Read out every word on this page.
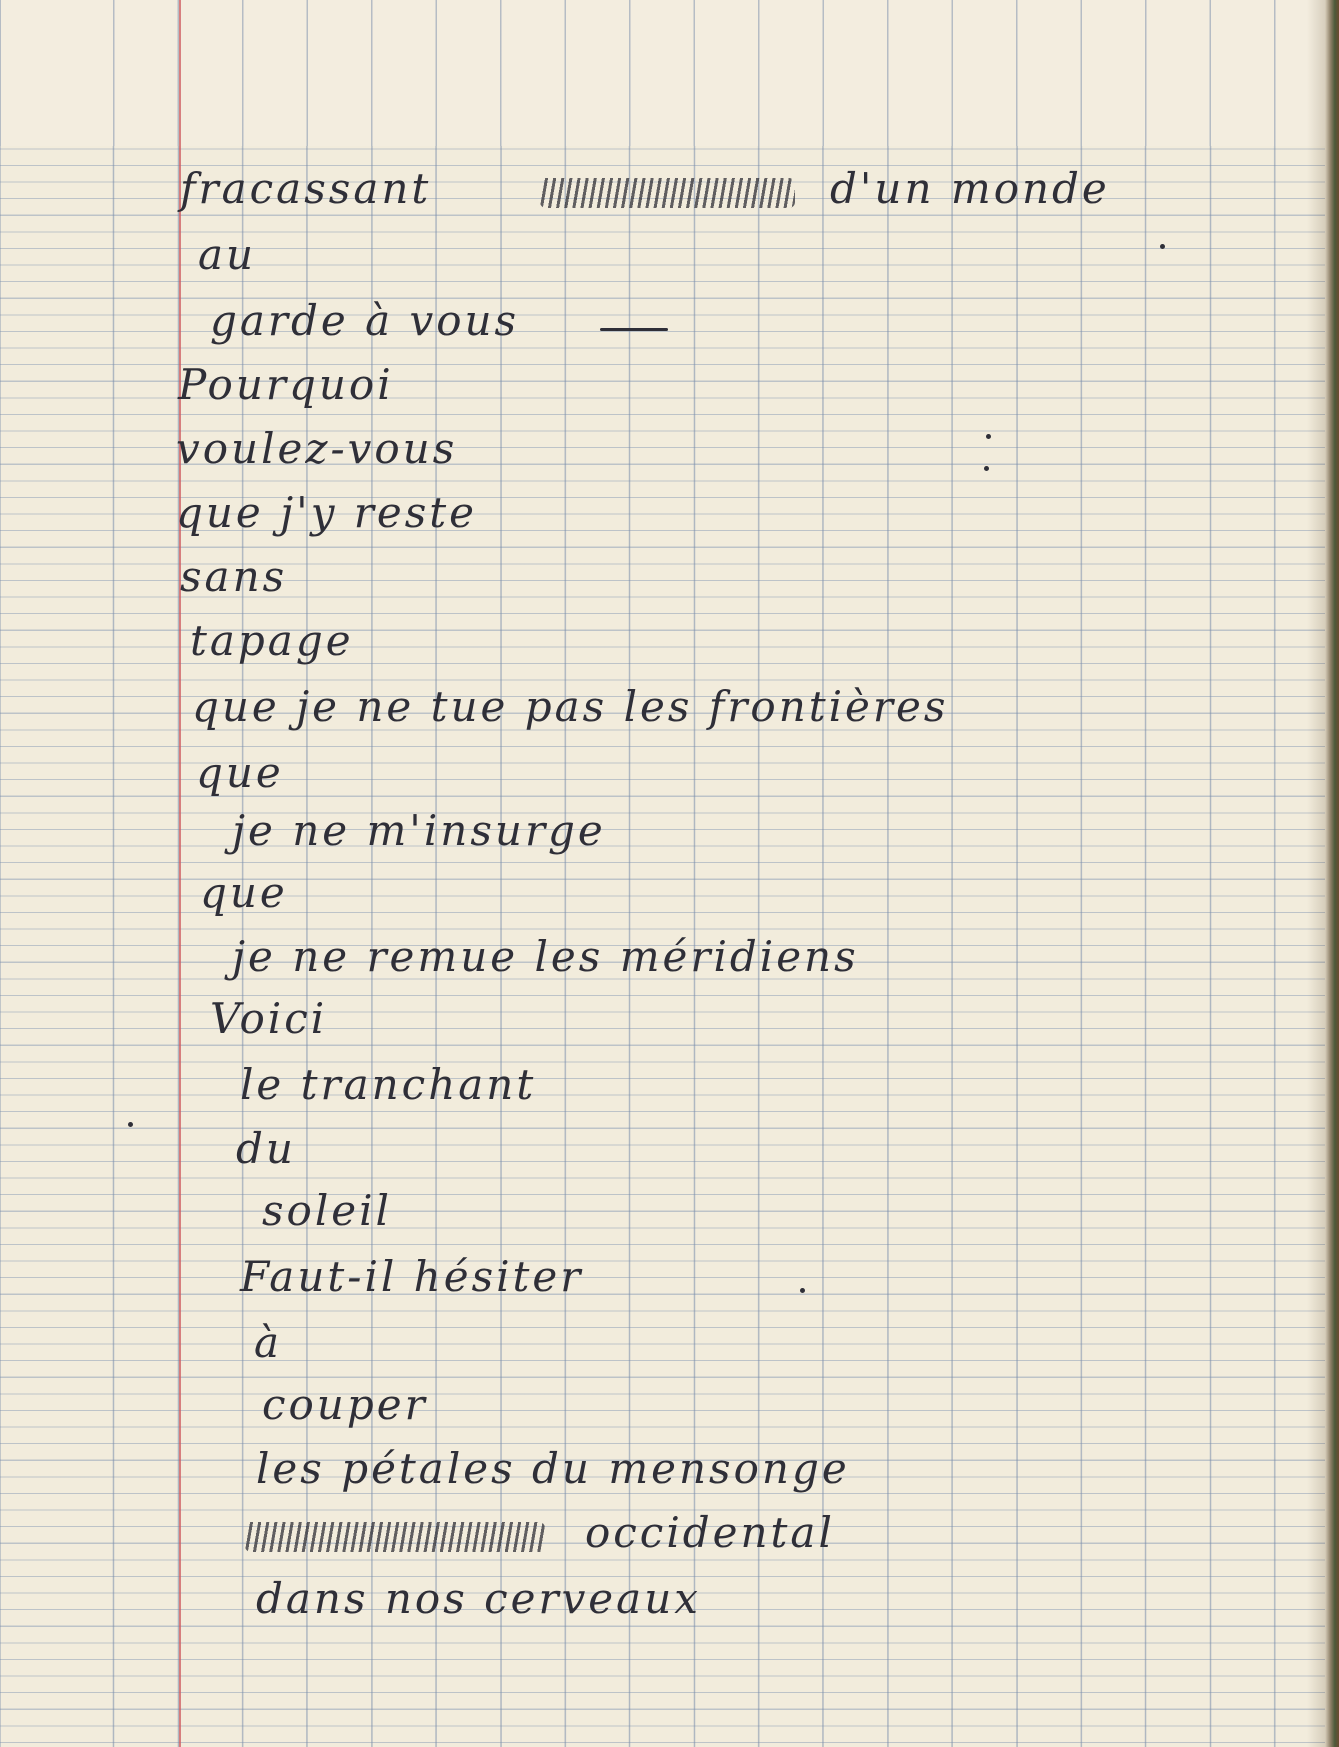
fracassant	d'un monde

au

garde à vous

Pourquoi

voulez-vous

que j'y reste

sans

tapage

que je ne tue pas les frontières

que

je ne m'insurge

que

je ne remue les méridiens

Voici

le tranchant

du

soleil

Faut-il hésiter

à

couper

les pétales du mensonge

occidental

dans nos cerveaux
